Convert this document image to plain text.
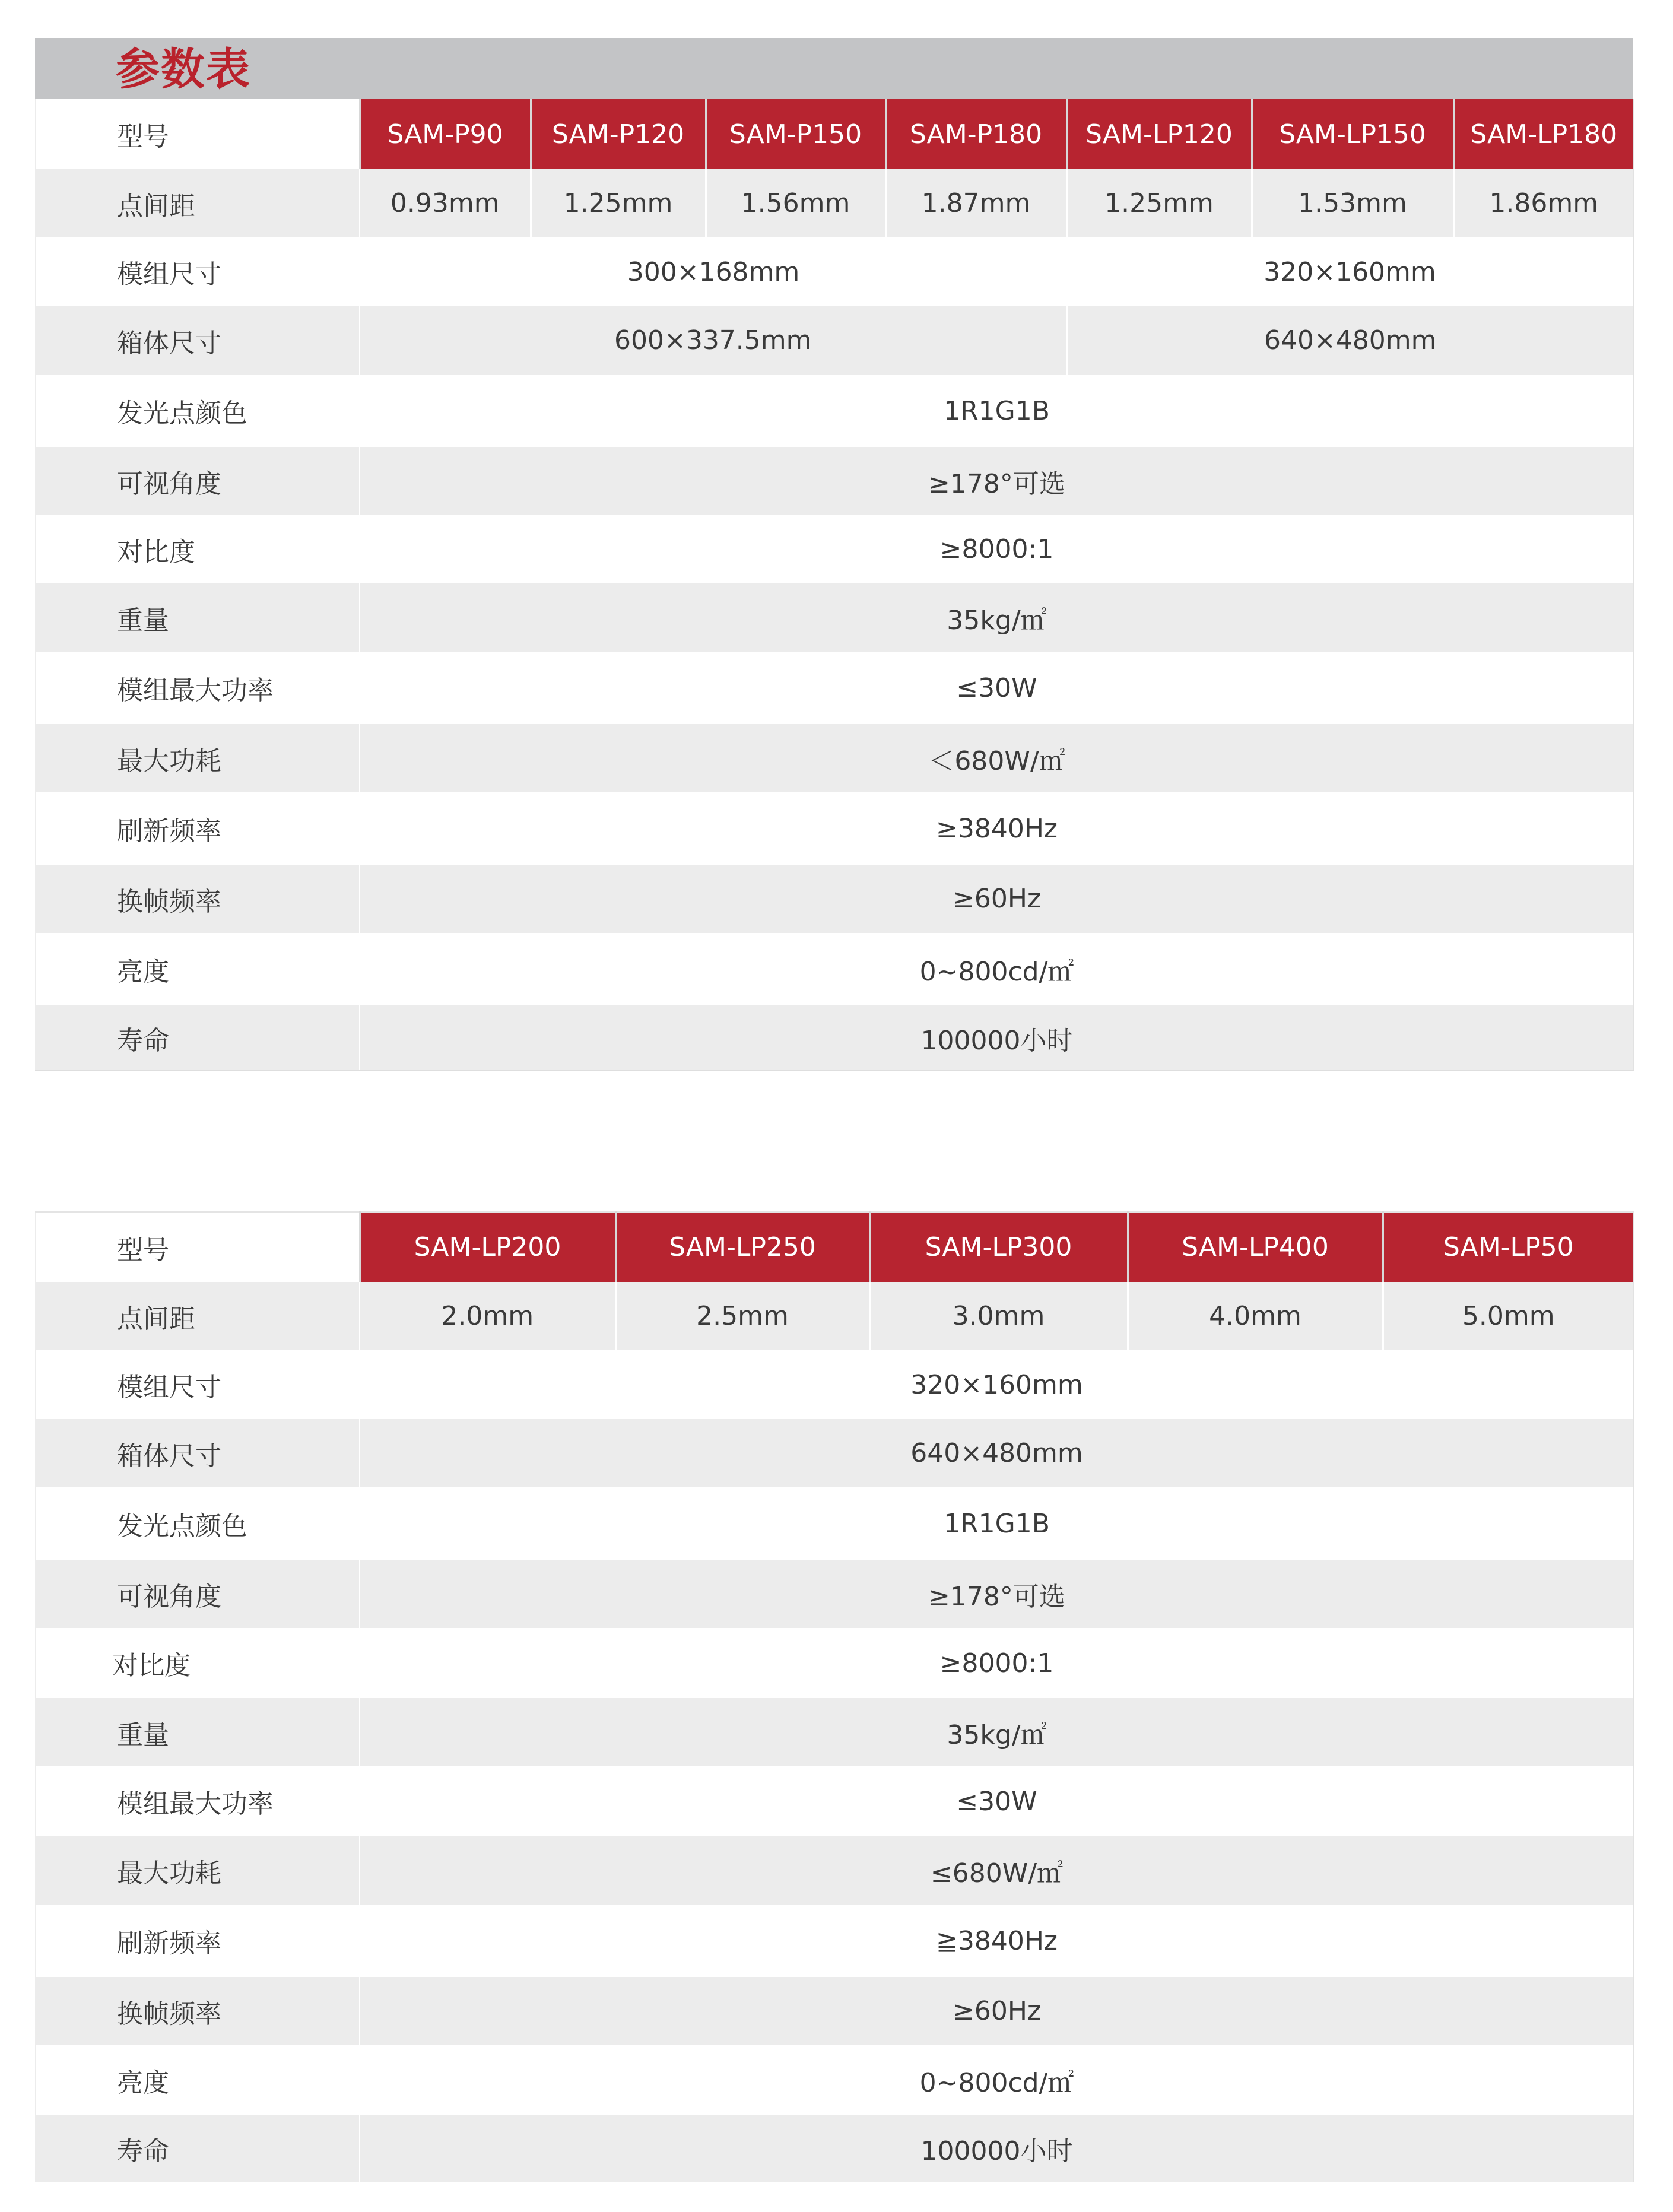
参数表
型号	SAM-P90	SAM-P120	SAM-P150	SAM-P180	SAM-LP120	SAM-LP150	SAM-LP180
点间距	0.93mm	1.25mm	1.56mm	1.87mm	1.25mm	1.53mm	1.86mm
模组尺寸	300×168mm				320×160mm		
箱体尺寸	600×337.5mm				640×480mm		
发光点颜色	1R1G1B						
可视角度	≥178°可选						
对比度	≥8000:1						
重量	35kg/㎡						
模组最大功率	≤30W						
最大功耗	＜680W/㎡						
刷新频率	≥3840Hz						
换帧频率	≥60Hz						
亮度	0~800cd/㎡						
寿命	100000小时						
型号	SAM-LP200	SAM-LP250	SAM-LP300	SAM-LP400	SAM-LP50
点间距	2.0mm	2.5mm	3.0mm	4.0mm	5.0mm
模组尺寸	320×160mm				
箱体尺寸	640×480mm				
发光点颜色	1R1G1B				
可视角度	≥178°可选				
对比度	≥8000:1				
重量	35kg/㎡				
模组最大功率	≤30W				
最大功耗	≤680W/㎡				
刷新频率	≧3840Hz				
换帧频率	≥60Hz				
亮度	0~800cd/㎡				
寿命	100000小时				
